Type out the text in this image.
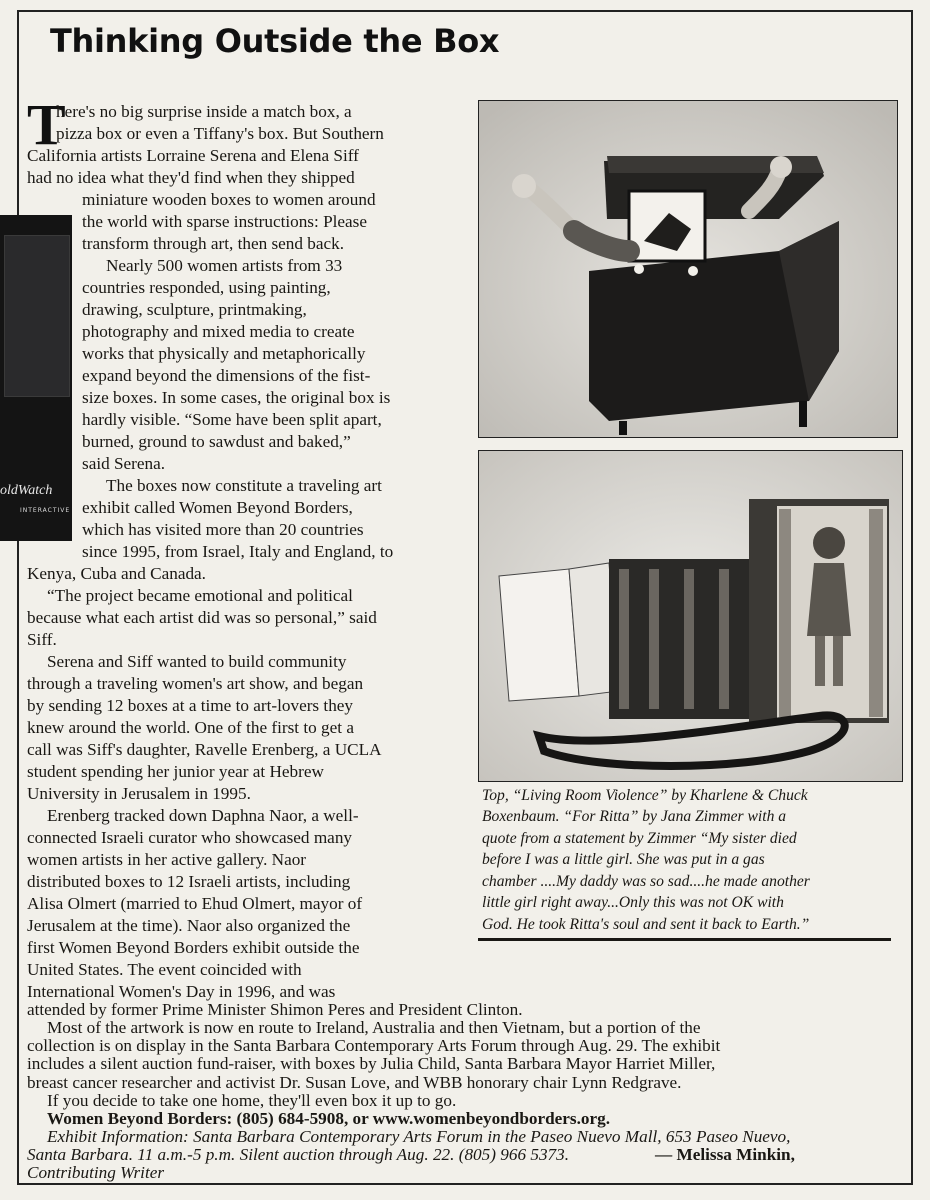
Thinking Outside the Box
oldWatch
INTERACTIVE
Top, “Living Room Violence” by Kharlene & Chuck
Boxenbaum. “For Ritta” by Jana Zimmer with a
quote from a statement by Zimmer “My sister died
before I was a little girl. She was put in a gas
chamber ....My daddy was so sad....he made another
little girl right away...Only this was not OK with
God. He took Ritta's soul and sent it back to Earth.”
T
here's no big surprise inside a match box, a
pizza box or even a Tiffany's box. But Southern
California artists Lorraine Serena and Elena Siff
had no idea what they'd find when they shipped
miniature wooden boxes to women around
the world with sparse instructions: Please
transform through art, then send back.
Nearly 500 women artists from 33
countries responded, using painting,
drawing, sculpture, printmaking,
photography and mixed media to create
works that physically and metaphorically
expand beyond the dimensions of the fist-
size boxes. In some cases, the original box is
hardly visible. “Some have been split apart,
burned, ground to sawdust and baked,”
said Serena.
The boxes now constitute a traveling art
exhibit called Women Beyond Borders,
which has visited more than 20 countries
since 1995, from Israel, Italy and England, to
Kenya, Cuba and Canada.
“The project became emotional and political
because what each artist did was so personal,” said
Siff.
Serena and Siff wanted to build community
through a traveling women's art show, and began
by sending 12 boxes at a time to art-lovers they
knew around the world. One of the first to get a
call was Siff's daughter, Ravelle Erenberg, a UCLA
student spending her junior year at Hebrew
University in Jerusalem in 1995.
Erenberg tracked down Daphna Naor, a well-
connected Israeli curator who showcased many
women artists in her active gallery. Naor
distributed boxes to 12 Israeli artists, including
Alisa Olmert (married to Ehud Olmert, mayor of
Jerusalem at the time). Naor also organized the
first Women Beyond Borders exhibit outside the
United States. The event coincided with
International Women's Day in 1996, and was
attended by former Prime Minister Shimon Peres and President Clinton.
Most of the artwork is now en route to Ireland, Australia and then Vietnam, but a portion of the
collection is on display in the Santa Barbara Contemporary Arts Forum through Aug. 29. The exhibit
includes a silent auction fund-raiser, with boxes by Julia Child, Santa Barbara Mayor Harriet Miller,
breast cancer researcher and activist Dr. Susan Love, and WBB honorary chair Lynn Redgrave.
If you decide to take one home, they'll even box it up to go.
Women Beyond Borders: (805) 684-5908, or www.womenbeyondborders.org.
Exhibit Information: Santa Barbara Contemporary Arts Forum in the Paseo Nuevo Mall, 653 Paseo Nuevo,
Santa Barbara. 11 a.m.-5 p.m. Silent auction through Aug. 22. (805) 966 5373.	— Melissa Minkin,
Contributing Writer
